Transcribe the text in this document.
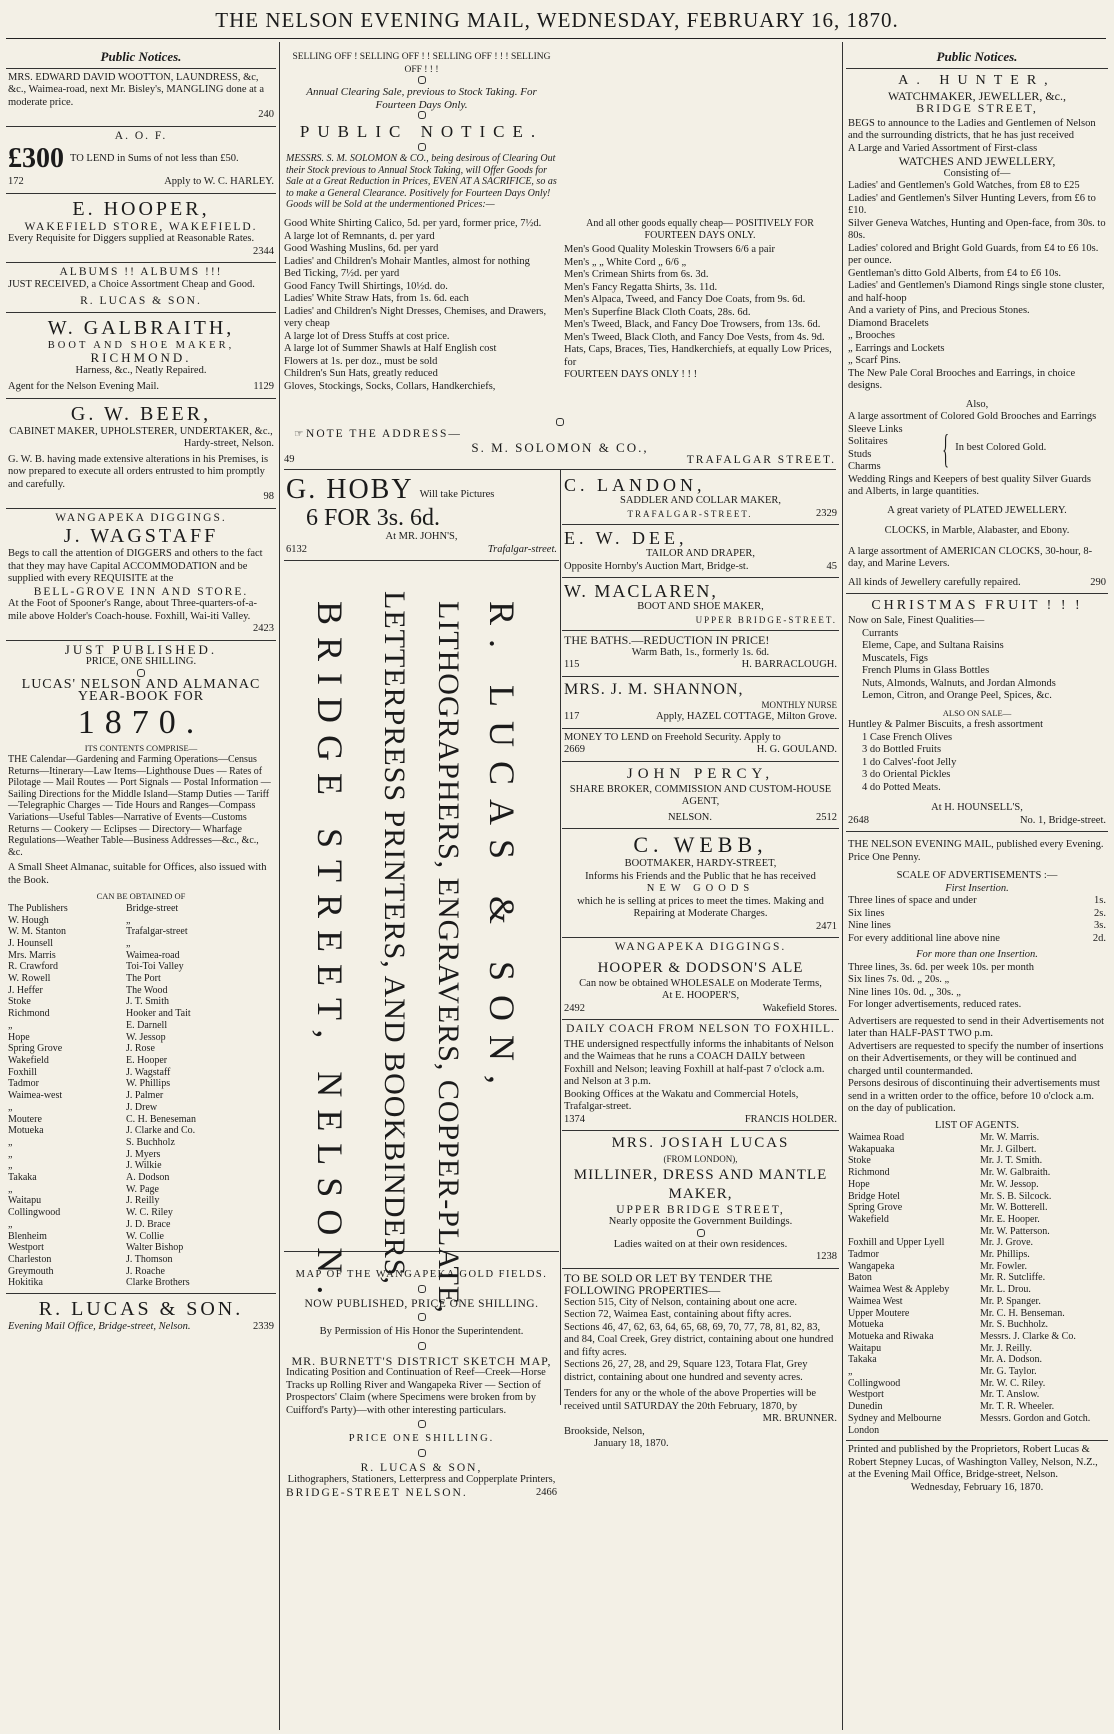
THE NELSON EVENING MAIL, WEDNESDAY, FEBRUARY 16, 1870.

Public Notices.

MRS. EDWARD DAVID WOOTTON, LAUNDRESS, &c, &c., Waimea-road, next Mr. Bisley's, MANGLING done at a moderate price.

240

A. O. F.

£300 TO LEND in Sums of not less than £50.
172	Apply to W. C. HARLEY.

E. HOOPER,

WAKEFIELD STORE, WAKEFIELD.

Every Requisite for Diggers supplied at Reasonable Rates.

2344

ALBUMS !! ALBUMS !!!

JUST RECEIVED, a Choice Assortment Cheap and Good.

R. LUCAS & SON.

W. GALBRAITH,

BOOT AND SHOE MAKER,

RICHMOND.

Harness, &c., Neatly Repaired.

Agent for the Nelson Evening Mail.	1129

G. W. BEER,

CABINET MAKER, UPHOLSTERER, UNDERTAKER, &c.,

Hardy-street, Nelson.

G. W. B. having made extensive alterations in his Premises, is now prepared to execute all orders entrusted to him promptly and carefully.

98

WANGAPEKA DIGGINGS.

J. WAGSTAFF

Begs to call the attention of DIGGERS and others to the fact that they may have Capital ACCOMMODATION and be supplied with every REQUISITE at the

BELL-GROVE INN AND STORE.

At the Foot of Spooner's Range, about Three-quarters-of-a-mile above Holder's Coach-house. Foxhill, Wai-iti Valley.

2423

JUST PUBLISHED.

PRICE, ONE SHILLING.

LUCAS' NELSON AND ALMANAC

YEAR-BOOK FOR

1870.

ITS CONTENTS COMPRISE—

THE Calendar—Gardening and Farming Operations—Census Returns—Itinerary—Law Items—Lighthouse Dues — Rates of Pilotage — Mail Routes — Port Signals — Postal Information — Sailing Directions for the Middle Island—Stamp Duties — Tariff—Telegraphic Charges — Tide Hours and Ranges—Compass Variations—Useful Tables—Narrative of Events—Customs Returns — Cookery — Eclipses — Directory— Wharfage Regulations—Weather Table—Business Addresses—&c., &c., &c.

A Small Sheet Almanac, suitable for Offices, also issued with the Book.

CAN BE OBTAINED OF

The Publishers	Bridge-street
W. Hough	„
W. M. Stanton	Trafalgar-street
J. Hounsell	„
Mrs. Marris	Waimea-road
R. Crawford	Toi-Toi Valley
W. Rowell	The Port
J. Heffer	The Wood
Stoke	J. T. Smith
Richmond	Hooker and Tait
„	E. Darnell
Hope	W. Jessop
Spring Grove	J. Rose
Wakefield	E. Hooper
Foxhill	J. Wagstaff
Tadmor	W. Phillips
Waimea-west	J. Palmer
„	J. Drew
Moutere	C. H. Beneseman
Motueka	J. Clarke and Co.
„	S. Buchholz
„	J. Myers
„	J. Wilkie
Takaka	A. Dodson
„	W. Page
Waitapu	J. Reilly
Collingwood	W. C. Riley
„	J. D. Brace
Blenheim	W. Collie
Westport	Walter Bishop
Charleston	J. Thomson
Greymouth	J. Roache
Hokitika	Clarke Brothers

R. LUCAS & SON.

Evening Mail Office, Bridge-street, Nelson.	2339

SELLING OFF ! SELLING OFF ! ! SELLING OFF ! ! ! SELLING OFF ! ! !

Annual Clearing Sale, previous to Stock Taking. For Fourteen Days Only.

PUBLIC NOTICE.

MESSRS. S. M. SOLOMON & CO., being desirous of Clearing Out their Stock previous to Annual Stock Taking, will Offer Goods for Sale at a Great Reduction in Prices, EVEN AT A SACRIFICE, so as to make a General Clearance. Positively for Fourteen Days Only! Goods will be Sold at the undermentioned Prices:—

Good White Shirting Calico, 5d. per yard, former price, 7½d.

A large lot of Remnants, d. per yard

Good Washing Muslins, 6d. per yard

Ladies' and Children's Mohair Mantles, almost for nothing

Bed Ticking, 7½d. per yard

Good Fancy Twill Shirtings, 10½d. do.

Ladies' White Straw Hats, from 1s. 6d. each

Ladies' and Children's Night Dresses, Chemises, and Drawers, very cheap

A large lot of Dress Stuffs at cost price.

A large lot of Summer Shawls at Half English cost

Flowers at 1s. per doz., must be sold

Children's Sun Hats, greatly reduced

Gloves, Stockings, Socks, Collars, Handkerchiefs,

And all other goods equally cheap— POSITIVELY FOR FOURTEEN DAYS ONLY.

Men's Good Quality Moleskin Trowsers 6/6 a pair

Men's „ „ White Cord „ 6/6 „

Men's Crimean Shirts from 6s. 3d.

Men's Fancy Regatta Shirts, 3s. 11d.

Men's Alpaca, Tweed, and Fancy Doe Coats, from 9s. 6d.

Men's Superfine Black Cloth Coats, 28s. 6d.

Men's Tweed, Black, and Fancy Doe Trowsers, from 13s. 6d.

Men's Tweed, Black Cloth, and Fancy Doe Vests, from 4s. 9d.

Hats, Caps, Braces, Ties, Handkerchiefs, at equally Low Prices, for

FOURTEEN DAYS ONLY ! ! !

☞ NOTE THE ADDRESS—

S. M. SOLOMON & CO.,

49	TRAFALGAR STREET.
G. HOBY Will take Pictures

6 FOR 3s. 6d.

At MR. JOHN'S,

6132	Trafalgar-street.
R. LUCAS & SON,
LITHOGRAPHERS, ENGRAVERS, COPPER-PLATE,
LETTERPRESS PRINTERS, AND BOOKBINDERS,
BRIDGE STREET, NELSON.

MAP OF THE WANGAPEKA GOLD FIELDS.

NOW PUBLISHED, PRICE ONE SHILLING.

By Permission of His Honor the Superintendent.

MR. BURNETT'S DISTRICT SKETCH MAP,

Indicating Position and Continuation of Reef—Creek—Horse Tracks up Rolling River and Wangapeka River — Section of Prospectors' Claim (where Specimens were broken from by Cuifford's Party)—with other interesting particulars.

PRICE ONE SHILLING.

R. LUCAS & SON,

Lithographers, Stationers, Letterpress and Copperplate Printers,

BRIDGE-STREET NELSON.	2466

C. LANDON,

SADDLER AND COLLAR MAKER,

TRAFALGAR-STREET.	2329

E. W. DEE,

TAILOR AND DRAPER,

Opposite Hornby's Auction Mart, Bridge-st.	45

W. MACLAREN,

BOOT AND SHOE MAKER,

UPPER BRIDGE-STREET.

THE BATHS.—REDUCTION IN PRICE!

Warm Bath, 1s., formerly 1s. 6d.

115	H. BARRACLOUGH.

MRS. J. M. SHANNON,

MONTHLY NURSE

117	Apply, HAZEL COTTAGE, Milton Grove.

MONEY TO LEND on Freehold Security. Apply to

2669	H. G. GOULAND.

JOHN PERCY,

SHARE BROKER, COMMISSION AND CUSTOM-HOUSE AGENT,

NELSON.	2512

C. WEBB,

BOOTMAKER, HARDY-STREET,

Informs his Friends and the Public that he has received

NEW GOODS

which he is selling at prices to meet the times. Making and Repairing at Moderate Charges.

2471

WANGAPEKA DIGGINGS.

HOOPER & DODSON'S ALE

Can now be obtained WHOLESALE on Moderate Terms,

At E. HOOPER'S,

2492	Wakefield Stores.

DAILY COACH FROM NELSON TO FOXHILL.

THE undersigned respectfully informs the inhabitants of Nelson and the Waimeas that he runs a COACH DAILY between Foxhill and Nelson; leaving Foxhill at half-past 7 o'clock a.m. and Nelson at 3 p.m.

Booking Offices at the Wakatu and Commercial Hotels, Trafalgar-street.

1374	FRANCIS HOLDER.

MRS. JOSIAH LUCAS

(FROM LONDON),

MILLINER, DRESS AND MANTLE MAKER,

UPPER BRIDGE STREET,

Nearly opposite the Government Buildings.

Ladies waited on at their own residences.

1238

TO BE SOLD OR LET BY TENDER THE FOLLOWING PROPERTIES—

Section 515, City of Nelson, containing about one acre.

Section 72, Waimea East, containing about fifty acres.

Sections 46, 47, 62, 63, 64, 65, 68, 69, 70, 77, 78, 81, 82, 83, and 84, Coal Creek, Grey district, containing about one hundred and fifty acres.

Sections 26, 27, 28, and 29, Square 123, Totara Flat, Grey district, containing about one hundred and seventy acres.

Tenders for any or the whole of the above Properties will be received until SATURDAY the 20th February, 1870, by

MR. BRUNNER.

Brookside, Nelson,

January 18, 1870.

Public Notices.

A. HUNTER,

WATCHMAKER, JEWELLER, &c.,

BRIDGE STREET,

BEGS to announce to the Ladies and Gentlemen of Nelson and the surrounding districts, that he has just received

A Large and Varied Assortment of First-class

WATCHES AND JEWELLERY,

Consisting of—

Ladies' and Gentlemen's Gold Watches, from £8 to £25

Ladies' and Gentlemen's Silver Hunting Levers, from £6 to £10.

Silver Geneva Watches, Hunting and Open-face, from 30s. to 80s.

Ladies' colored and Bright Gold Guards, from £4 to £6 10s. per ounce.

Gentleman's ditto Gold Alberts, from £4 to £6 10s.

Ladies' and Gentlemen's Diamond Rings single stone cluster, and half-hoop

And a variety of Pins, and Precious Stones.

Diamond Bracelets

„ Brooches

„ Earrings and Lockets

„ Scarf Pins.

The New Pale Coral Brooches and Earrings, in choice designs.

Also,

A large assortment of Colored Gold Brooches and Earrings

Sleeve Links

Solitaires

Studs

Charms	{ In best Colored Gold.

Wedding Rings and Keepers of best quality Silver Guards and Alberts, in large quantities.

A great variety of PLATED JEWELLERY.

CLOCKS, in Marble, Alabaster, and Ebony.

A large assortment of AMERICAN CLOCKS, 30-hour, 8-day, and Marine Levers.

All kinds of Jewellery carefully repaired.	290

CHRISTMAS FRUIT ! ! !

Now on Sale, Finest Qualities—

Currants

Eleme, Cape, and Sultana Raisins

Muscatels, Figs

French Plums in Glass Bottles

Nuts, Almonds, Walnuts, and Jordan Almonds

Lemon, Citron, and Orange Peel, Spices, &c.

ALSO ON SALE—

Huntley & Palmer Biscuits, a fresh assortment

1 Case French Olives

3 do Bottled Fruits

1 do Calves'-foot Jelly

3 do Oriental Pickles

4 do Potted Meats.

At H. HOUNSELL'S,

2648	No. 1, Bridge-street.

THE NELSON EVENING MAIL, published every Evening. Price One Penny.

SCALE OF ADVERTISEMENTS :—

First Insertion.

Three lines of space and under	1s.
Six lines	2s.
Nine lines	3s.
For every additional line above nine	2d.

For more than one Insertion.

Three lines, 3s. 6d. per week 10s. per month

Six lines 7s. 0d. „ 20s. „

Nine lines 10s. 0d. „ 30s. „

For longer advertisements, reduced rates.

Advertisers are requested to send in their Advertisements not later than HALF-PAST TWO p.m.

Advertisers are requested to specify the number of insertions on their Advertisements, or they will be continued and charged until countermanded.

Persons desirous of discontinuing their advertisements must send in a written order to the office, before 10 o'clock a.m. on the day of publication.

LIST OF AGENTS.

Waimea Road	Mr. W. Marris.
Wakapuaka	Mr. J. Gilbert.
Stoke	Mr. J. T. Smith.
Richmond	Mr. W. Galbraith.
Hope	Mr. W. Jessop.
Bridge Hotel	Mr. S. B. Silcock.
Spring Grove	Mr. W. Botterell.
Wakefield	Mr. E. Hooper.
Mr. W. Patterson.
Foxhill and Upper Lyell	Mr. J. Grove.
Tadmor	Mr. Phillips.
Wangapeka	Mr. Fowler.
Baton	Mr. R. Sutcliffe.
Waimea West & Appleby	Mr. L. Drou.
Waimea West	Mr. P. Spanger.
Upper Moutere	Mr. C. H. Benseman.
Motueka	Mr. S. Buchholz.
Motueka and Riwaka	Messrs. J. Clarke & Co.
Waitapu	Mr. J. Reilly.
Takaka	Mr. A. Dodson.
„	Mr. G. Taylor.
Collingwood	Mr. W. C. Riley.
Westport	Mr. T. Anslow.
Dunedin	Mr. T. R. Wheeler.
Sydney and Melbourne	Messrs. Gordon and Gotch.
London

Printed and published by the Proprietors, Robert Lucas & Robert Stepney Lucas, of Washington Valley, Nelson, N.Z., at the Evening Mail Office, Bridge-street, Nelson.

Wednesday, February 16, 1870.
